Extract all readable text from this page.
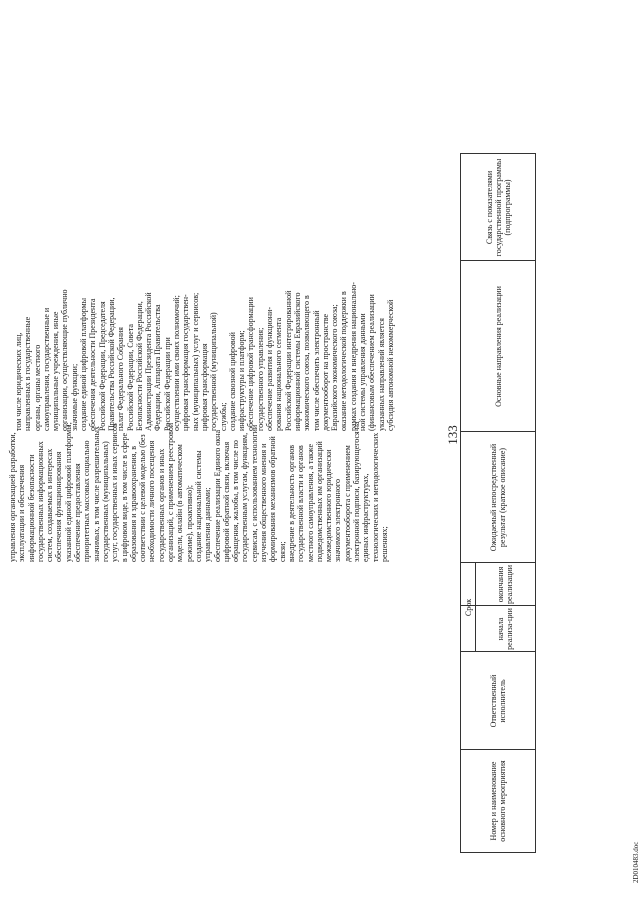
133
Номер и наименование основного мероприятия
Ответственный исполнитель
Срок
начала реализа-ции
окончания реализации
Ожидаемый непосредственный результат (краткое описание)
Основные направления реализации
Связь с показателями государственной программы (подпрограммы)
управления организацией разработки,
эксплуатации и обеспечения
информационной безопасности
государственных информационных
систем, создаваемых в интересах
обеспечения функционирования
указанной единой цифровой платформы;
обеспечение предоставления
приоритетных массовых социально
значимых, в том числе разрешительных
государственных (муниципальных)
услуг, государственных и иных сервисов
в цифровом виде, в том числе в сфере
образования и здравоохранения, в
соответствии с целевой моделью (без
необходимости личного посещения
государственных органов и иных
организаций, с применением реестровой
модели, онлайн (в автоматическом
режиме), проактивно);
создание национальной системы
управления данными;
обеспечение реализации Единого окна
цифровой обратной связи, включая
обращения, жалобы, в том числе по
государственным услугам, функциям,
сервисам, с использованием технологии
изучения общественного мнения и
формирования механизмов обратной
связи;
внедрение в деятельность органов
государственной власти и органов
местного самоуправления, а также
подведомственных им организаций
межведомственного юридически
значимого электронного
документооборота с применением
электронной подписи, базирующегося на
единых инфраструктурах,
технологических и методологических
решениях;
том числе юридических лиц,
направленных в государственные
органы, органы местного
самоуправления, государственные и
муниципальные учреждения, иные
организации, осуществляющие публично
значимые функции;
создание единой цифровой платформы
обеспечения деятельности Президента
Российской Федерации, Председателя
Правительства Российской Федерации,
палат Федерального Собрания
Российской Федерации, Совета
Безопасности Российской Федерации,
Администрации Президента Российской
Федерации, Аппарата Правительства
Российской Федерации при
осуществлении ими своих полномочий;
цифровая трансформация государствен-
ных (муниципальных) услуг и сервисов;
цифровая трансформация
государственной (муниципальной)
службы;
создание сквозной цифровой
инфраструктуры и платформ;
обеспечение цифровой трансформации
государственного управления;
обеспечение развития и функциони-
рования национального сегмента
Российской Федерации интегрированной
информационной системы Евразийского
экономического союза, позволяющего в
том числе обеспечить электронный
документооборот на пространстве
Евразийского экономического союза;
оказание методологической поддержки в
рамках создания и внедрения национально-
ной системы управления данными
(финансовым обеспечением реализации
указанных направлений является
субсидия автономной некоммерческой
2D010483.doc
